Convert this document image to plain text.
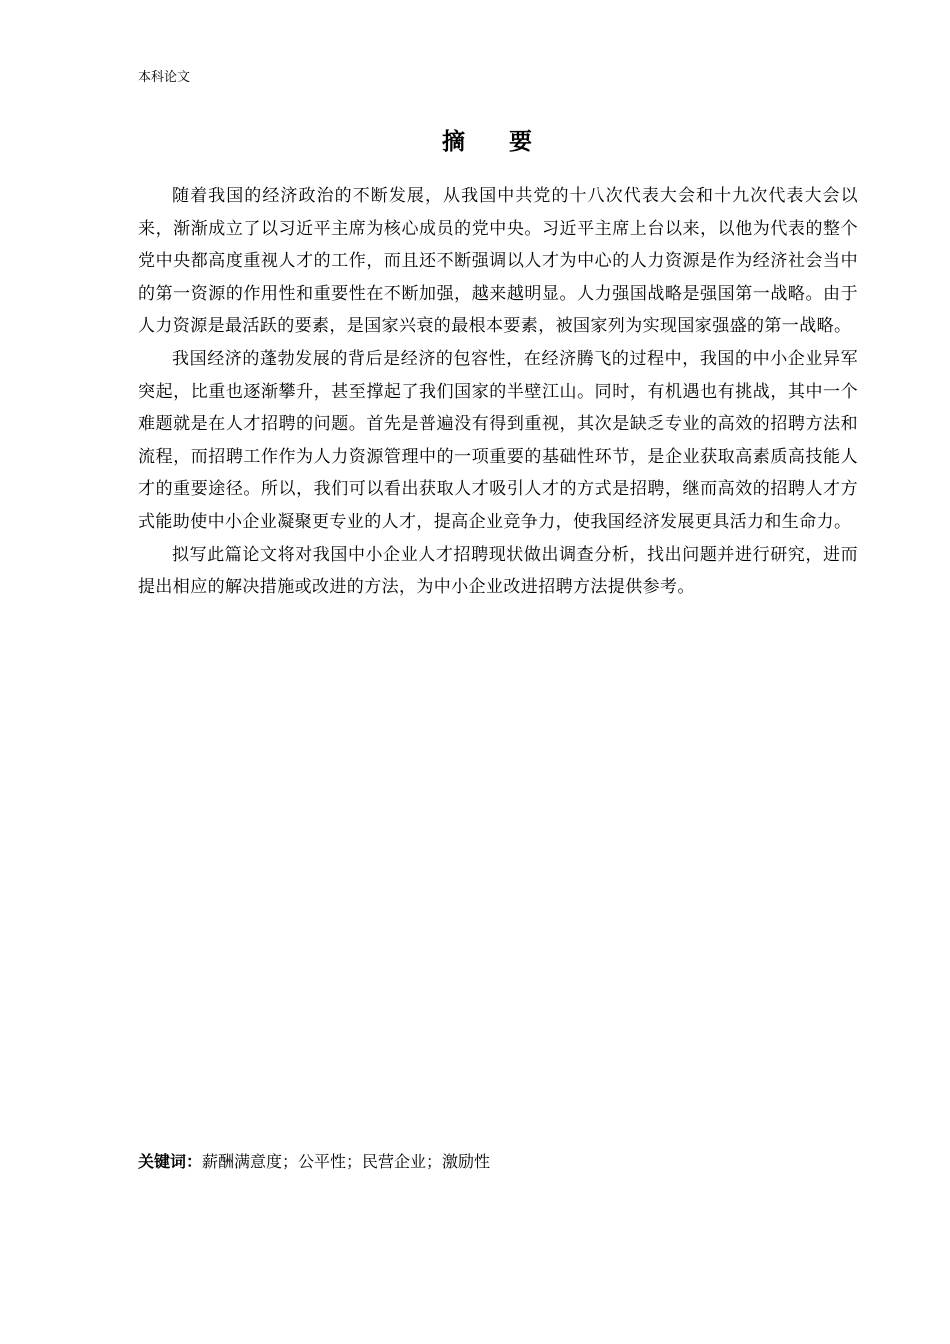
本科论文
摘 要

随着我国的经济政治的不断发展，从我国中共党的十八次代表大会和十九次代表大会以来，渐渐成立了以习近平主席为核心成员的党中央。习近平主席上台以来，以他为代表的整个党中央都高度重视人才的工作，而且还不断强调以人才为中心的人力资源是作为经济社会当中的第一资源的作用性和重要性在不断加强，越来越明显。人力强国战略是强国第一战略。由于人力资源是最活跃的要素，是国家兴衰的最根本要素，被国家列为实现国家强盛的第一战略。

我国经济的蓬勃发展的背后是经济的包容性，在经济腾飞的过程中，我国的中小企业异军突起，比重也逐渐攀升，甚至撑起了我们国家的半壁江山。同时，有机遇也有挑战，其中一个难题就是在人才招聘的问题。首先是普遍没有得到重视，其次是缺乏专业的高效的招聘方法和流程，而招聘工作作为人力资源管理中的一项重要的基础性环节，是企业获取高素质高技能人才的重要途径。所以，我们可以看出获取人才吸引人才的方式是招聘，继而高效的招聘人才方式能助使中小企业凝聚更专业的人才，提高企业竞争力，使我国经济发展更具活力和生命力。

拟写此篇论文将对我国中小企业人才招聘现状做出调查分析，找出问题并进行研究，进而提出相应的解决措施或改进的方法，为中小企业改进招聘方法提供参考。

关键词：薪酬满意度；公平性；民营企业；激励性
